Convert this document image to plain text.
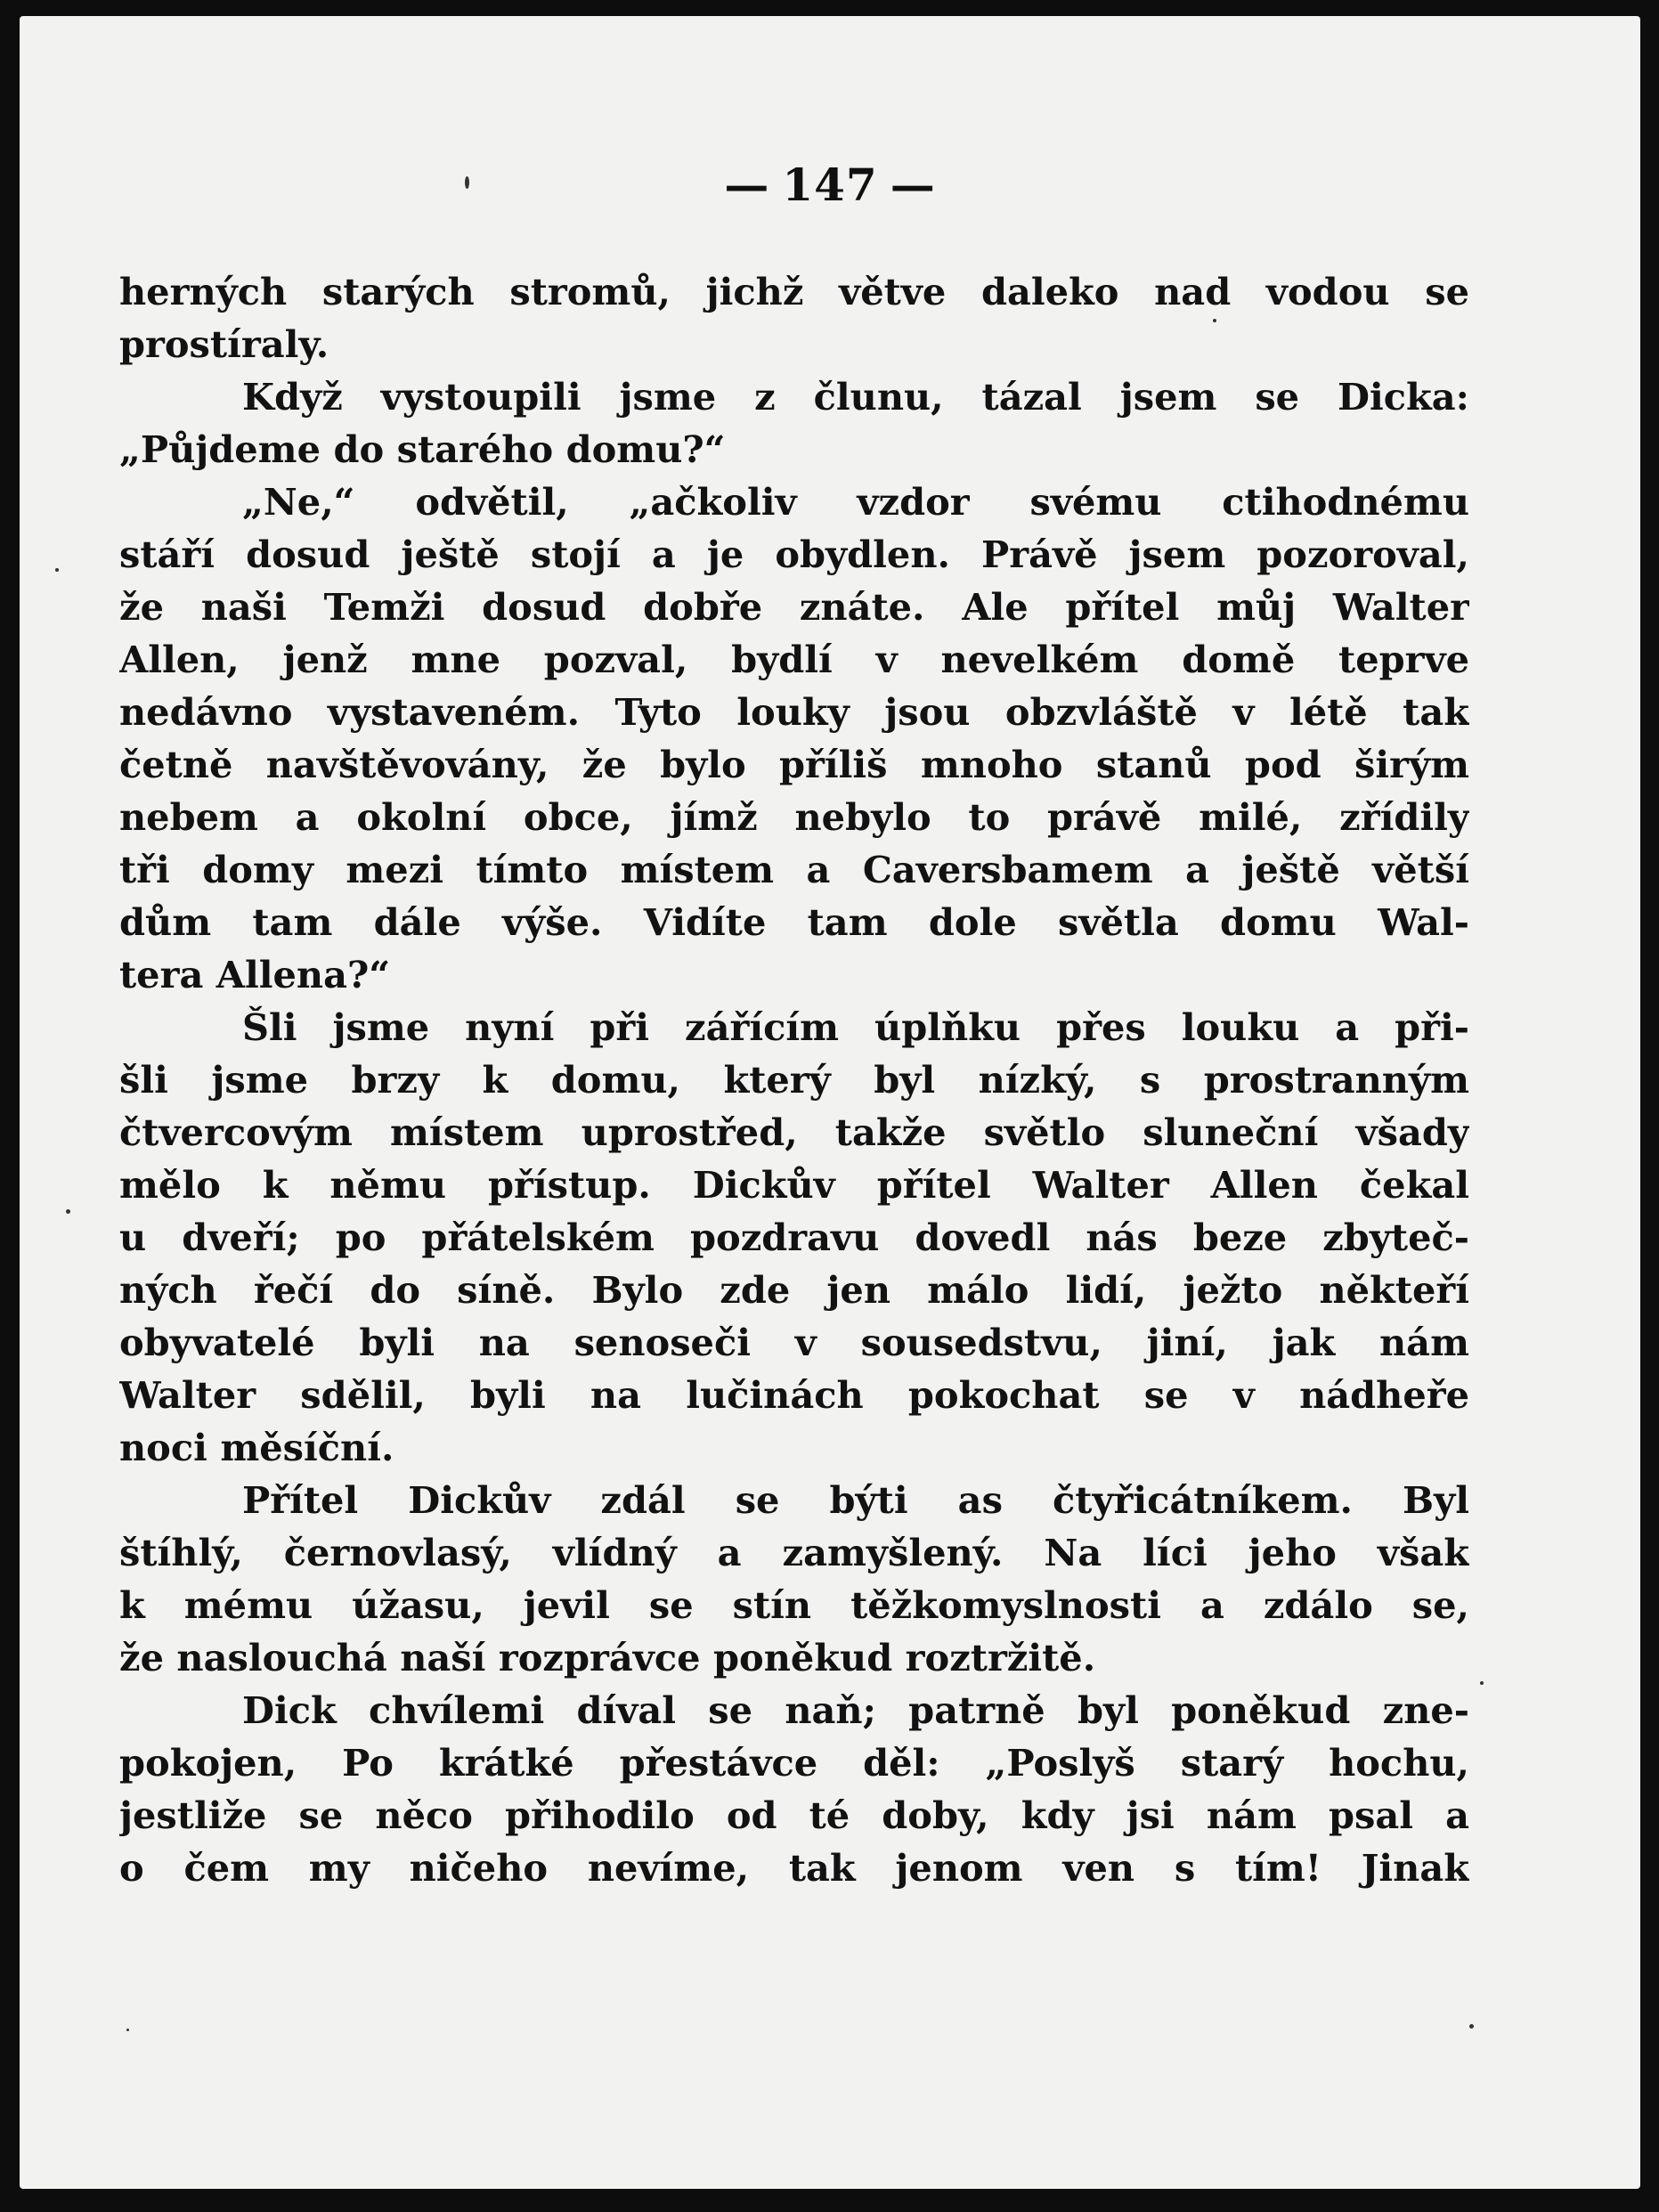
— 147 —
herných starých stromů, jichž větve daleko nad vodou se
prostíraly.
Když vystoupili jsme z člunu, tázal jsem se Dicka:
„Půjdeme do starého domu?“
„Ne,“ odvětil, „ačkoliv vzdor svému ctihodnému
stáří dosud ještě stojí a je obydlen. Právě jsem pozoroval,
že naši Temži dosud dobře znáte. Ale přítel můj Walter
Allen, jenž mne pozval, bydlí v nevelkém domě teprve
nedávno vystaveném. Tyto louky jsou obzvláště v létě tak
četně navštěvovány, že bylo příliš mnoho stanů pod širým
nebem a okolní obce, jímž nebylo to právě milé, zřídily
tři domy mezi tímto místem a Caversbamem a ještě větší
dům tam dále výše. Vidíte tam dole světla domu Wal-
tera Allena?“
Šli jsme nyní při zářícím úplňku přes louku a při-
šli jsme brzy k domu, který byl nízký, s prostranným
čtvercovým místem uprostřed, takže světlo sluneční všady
mělo k němu přístup. Dickův přítel Walter Allen čekal
u dveří; po přátelském pozdravu dovedl nás beze zbyteč-
ných řečí do síně. Bylo zde jen málo lidí, ježto někteří
obyvatelé byli na senoseči v sousedstvu, jiní, jak nám
Walter sdělil, byli na lučinách pokochat se v nádheře
noci měsíční.
Přítel Dickův zdál se býti as čtyřicátníkem. Byl
štíhlý, černovlasý, vlídný a zamyšlený. Na líci jeho však
k mému úžasu, jevil se stín těžkomyslnosti a zdálo se,
že naslouchá naší rozprávce poněkud roztržitě.
Dick chvílemi díval se naň; patrně byl poněkud zne-
pokojen, Po krátké přestávce děl: „Poslyš starý hochu,
jestliže se něco přihodilo od té doby, kdy jsi nám psal a
o čem my ničeho nevíme, tak jenom ven s tím! Jinak
